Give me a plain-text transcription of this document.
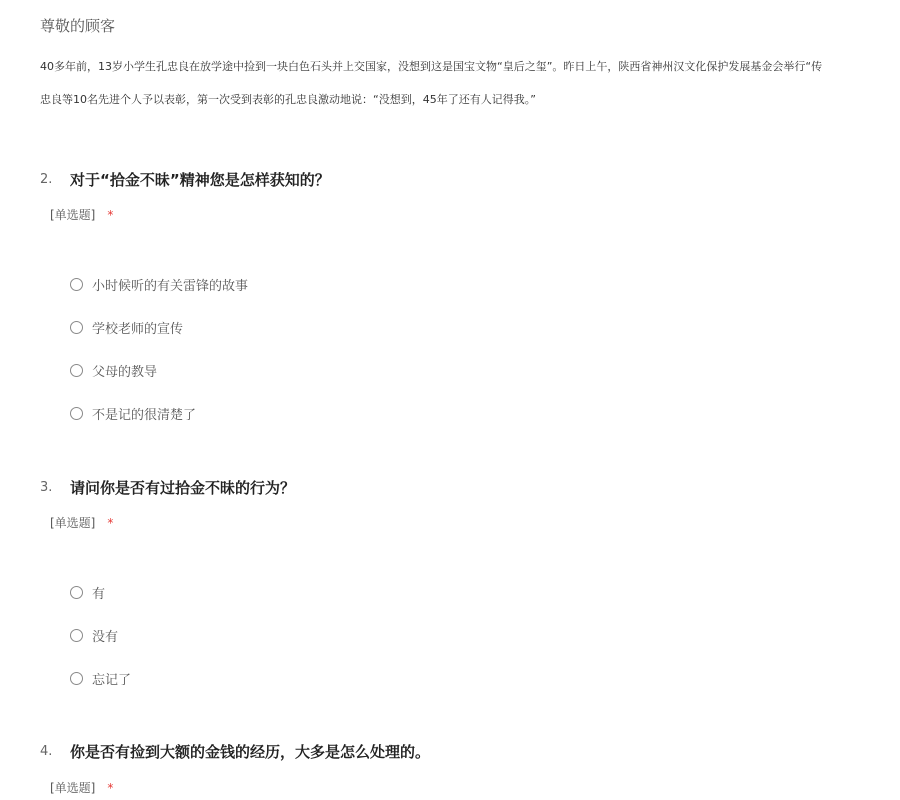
尊敬的顾客
40多年前，13岁小学生孔忠良在放学途中捡到一块白色石头并上交国家，没想到这是国宝文物“皇后之玺”。昨日上午，陕西省神州汉文化保护发展基金会举行“传
忠良等10名先进个人予以表彰，第一次受到表彰的孔忠良激动地说：“没想到，45年了还有人记得我。”
2.	对于“拾金不昧”精神您是怎样获知的？
[单选题] *
小时候听的有关雷锋的故事
学校老师的宣传
父母的教导
不是记的很清楚了
3.	请问你是否有过拾金不昧的行为？
[单选题] *
有
没有
忘记了
4.	你是否有捡到大额的金钱的经历，大多是怎么处理的。
[单选题] *
